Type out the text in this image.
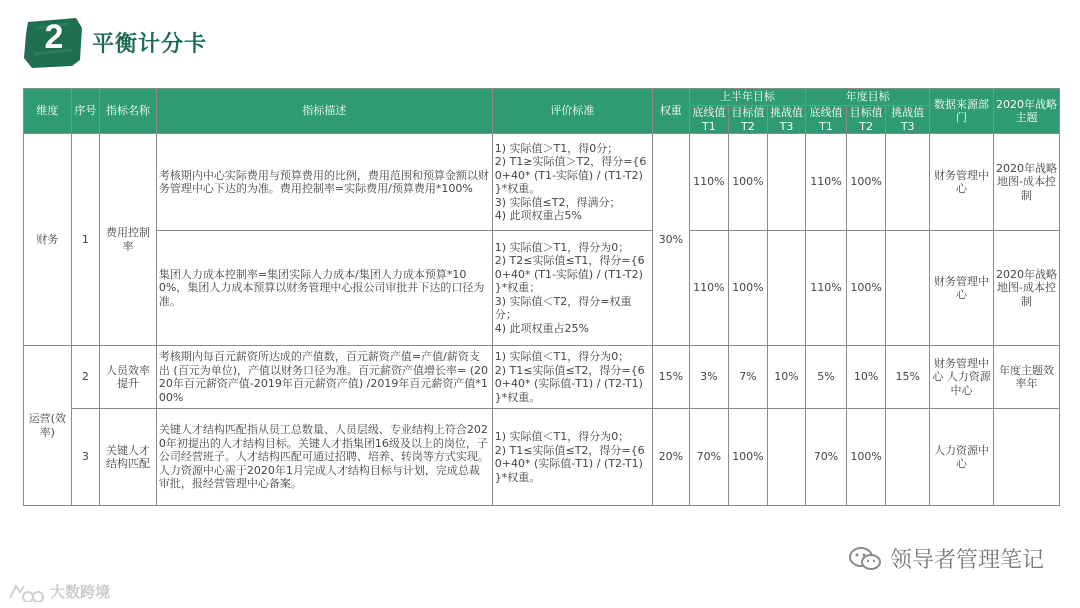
2	平衡计分卡
维度	序号	指标名称	指标描述	评价标准	权重	上半年目标			年度目标			数据来源部门	2020年战略主题
						底线值T1	目标值T2	挑战值T3	底线值T1	目标值T2	挑战值T3		
财务	1	费用控制率	考核期内中心实际费用与预算费用的比例，费用范围和预算金额以财务管理中心下达的为准。费用控制率=实际费用/预算费用*100%	1) 实际值＞T1，得0分；
2) T1≥实际值＞T2，得分={60+40* (T1-实际值) / (T1-T2) }*权重。
3) 实际值≤T2，得满分；
4) 此项权重占5%	30%	110%	100%		110%	100%		财务管理中心	2020年战略地图-成本控制
			集团人力成本控制率=集团实际人力成本/集团人力成本预算*100%，集团人力成本预算以财务管理中心报公司审批并下达的口径为准。	1) 实际值＞T1，得分为0；
2) T2≤实际值≤T1，得分={60+40* (T1-实际值) / (T1-T2) }*权重；
3) 实际值＜T2，得分=权重分；
4) 此项权重占25%		110%	100%		110%	100%		财务管理中心	2020年战略地图-成本控制
运营(效率)	2	人员效率提升	考核期内每百元薪资所达成的产值数，百元薪资产值=产值/薪资支出 (百元为单位)，产值以财务口径为准。百元薪资产值增长率= (2020年百元薪资产值-2019年百元薪资产值) /2019年百元薪资产值*100%	1) 实际值＜T1，得分为0；
2) T1≤实际值≤T2，得分={60+40* (实际值-T1) / (T2-T1) }*权重。	15%	3%	7%	10%	5%	10%	15%	财务管理中心 人力资源中心	年度主题效率年
	3	关键人才结构匹配	关键人才结构匹配指从员工总数量、人员层级、专业结构上符合2020年初提出的人才结构目标。关键人才指集团16级及以上的岗位，子公司经营班子。人才结构匹配可通过招聘、培养、转岗等方式实现。人力资源中心需于2020年1月完成人才结构目标与计划，完成总裁审批，报经营管理中心备案。	1) 实际值＜T1，得分为0；
2) T1≤实际值≤T2，得分={60+40* (实际值-T1) / (T2-T1) }*权重。	20%	70%	100%		70%	100%		人力资源中心	
领导者管理笔记
大数跨境
